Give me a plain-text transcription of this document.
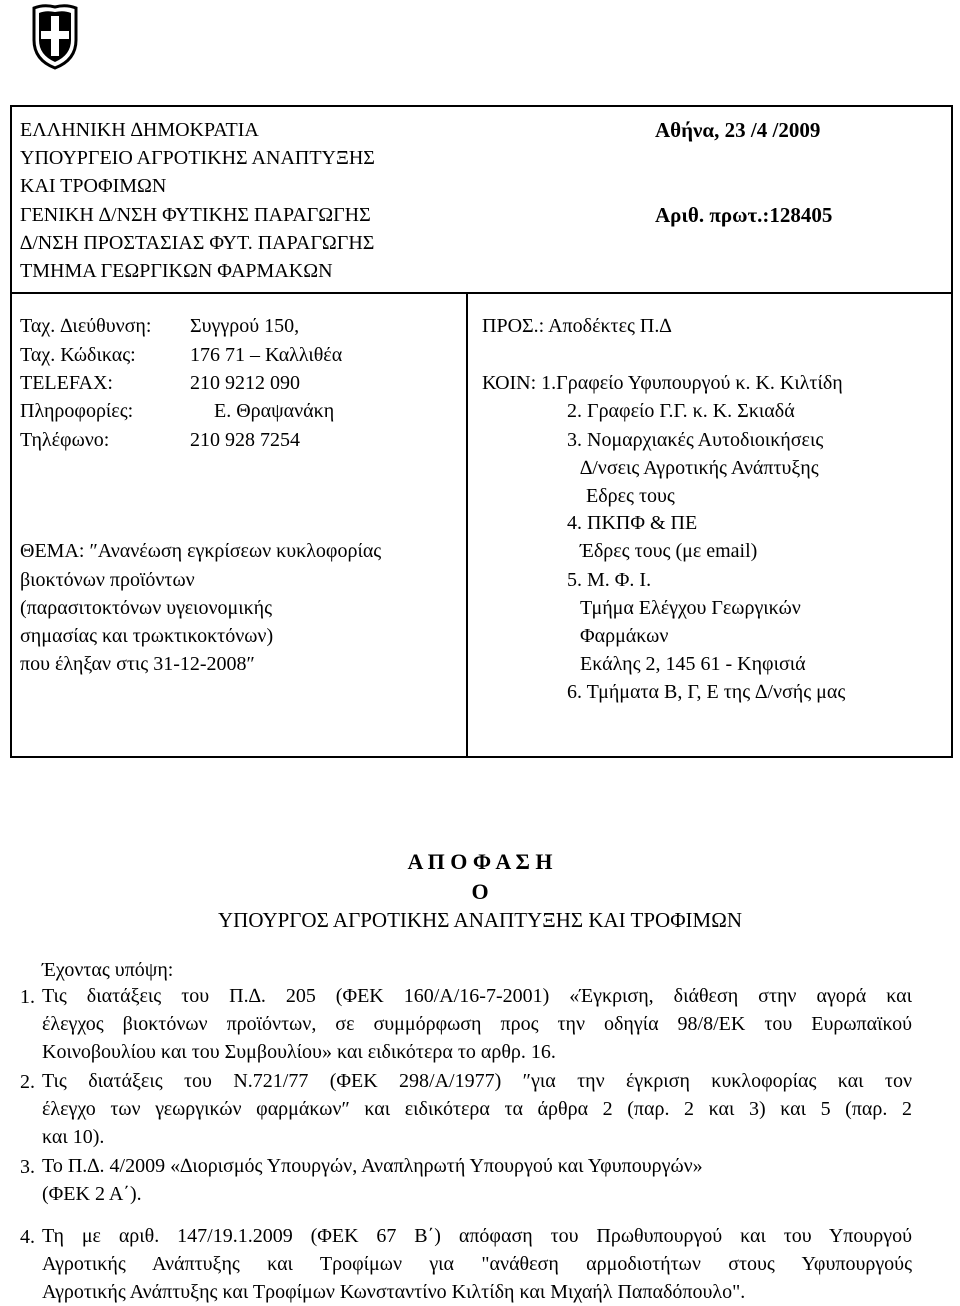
ΕΛΛΗΝΙΚΗ ∆ΗΜΟΚΡΑΤΙΑ
ΥΠΟΥΡΓΕΙΟ ΑΓΡΟΤΙΚΗΣ ΑΝΑΠΤΥΞΗΣ
ΚΑΙ ΤΡΟΦΙΜΩΝ
ΓΕΝΙΚΗ ∆/ΝΣΗ ΦΥΤΙΚΗΣ ΠΑΡΑΓΩΓΗΣ
∆/ΝΣΗ ΠΡΟΣΤΑΣΙΑΣ ΦΥΤ. ΠΑΡΑΓΩΓΗΣ
ΤΜΗΜΑ ΓΕΩΡΓΙΚΩΝ ΦΑΡΜΑΚΩΝ
Αθήνα, 23 /4 /2009
Αριθ. πρωτ.:128405
Ταχ. ∆ιεύθυνση: Συγγρού 150,
Ταχ. Κώδικας:	176 71 – Καλλιθέα
TELEFAX:	210 9212 090
Πληροφορίες:	Ε. Θραψανάκη
Τηλέφωνο:	210 928 7254
ΘΕΜΑ: ″Ανανέωση εγκρίσεων κυκλοφορίας
βιοκτόνων προϊόντων
(παρασιτοκτόνων υγειονομικής
σημασίας και τρωκτικοκτόνων)
που έληξαν στις 31-12-2008″
ΠΡΟΣ.: Αποδέκτες Π.∆
ΚΟΙΝ: 1.Γραφείο Υφυπουργού κ. Κ. Κιλτίδη
2. Γραφείο Γ.Γ. κ. Κ. Σκιαδά
3. Νομαρχιακές Αυτοδιοικήσεις
∆/νσεις Αγροτικής Ανάπτυξης
Εδρες τους
4. ΠΚΠΦ & ΠΕ
Έδρες τους (με email)
5. Μ. Φ. Ι.
Τμήμα Ελέγχου Γεωργικών
Φαρμάκων
Εκάλης 2, 145 61 - Κηφισιά
6. Τμήματα Β, Γ, Ε της ∆/νσής μας
Α Π Ο Φ Α Σ Η
Ο
ΥΠΟΥΡΓΟΣ ΑΓΡΟΤΙΚΗΣ ΑΝΑΠΤΥΞΗΣ ΚΑΙ ΤΡΟΦΙΜΩΝ
Έχοντας υπόψη:
1. Τις διατάξεις του Π.∆. 205 (ΦΕΚ 160/Α/16-7-2001) «Έγκριση, διάθεση στην αγορά και
έλεγχος βιοκτόνων προϊόντων, σε συμμόρφωση προς την οδηγία 98/8/ΕΚ του Ευρωπαϊκού
Κοινοβουλίου και του Συμβουλίου» και ειδικότερα το αρθρ. 16.
2. Τις διατάξεις του Ν.721/77 (ΦΕΚ 298/Α/1977) ″για την έγκριση κυκλοφορίας και τον
έλεγχο των γεωργικών φαρμάκων″ και ειδικότερα τα άρθρα 2 (παρ. 2 και 3) και 5 (παρ. 2
και 10).
3. Το Π.∆. 4/2009 «∆ιορισμός Υπουργών, Αναπληρωτή Υπουργού και Υφυπουργών»
(ΦΕΚ 2 Α΄).
4. Τη με αριθ. 147/19.1.2009 (ΦΕΚ 67 Β΄) απόφαση του Πρωθυπουργού και του Υπουργού
Αγροτικής Ανάπτυξης και Τροφίμων για "ανάθεση αρμοδιοτήτων στους Υφυπουργούς
Αγροτικής Ανάπτυξης και Τροφίμων Κωνσταντίνο Κιλτίδη και Μιχαήλ Παπαδόπουλο".
